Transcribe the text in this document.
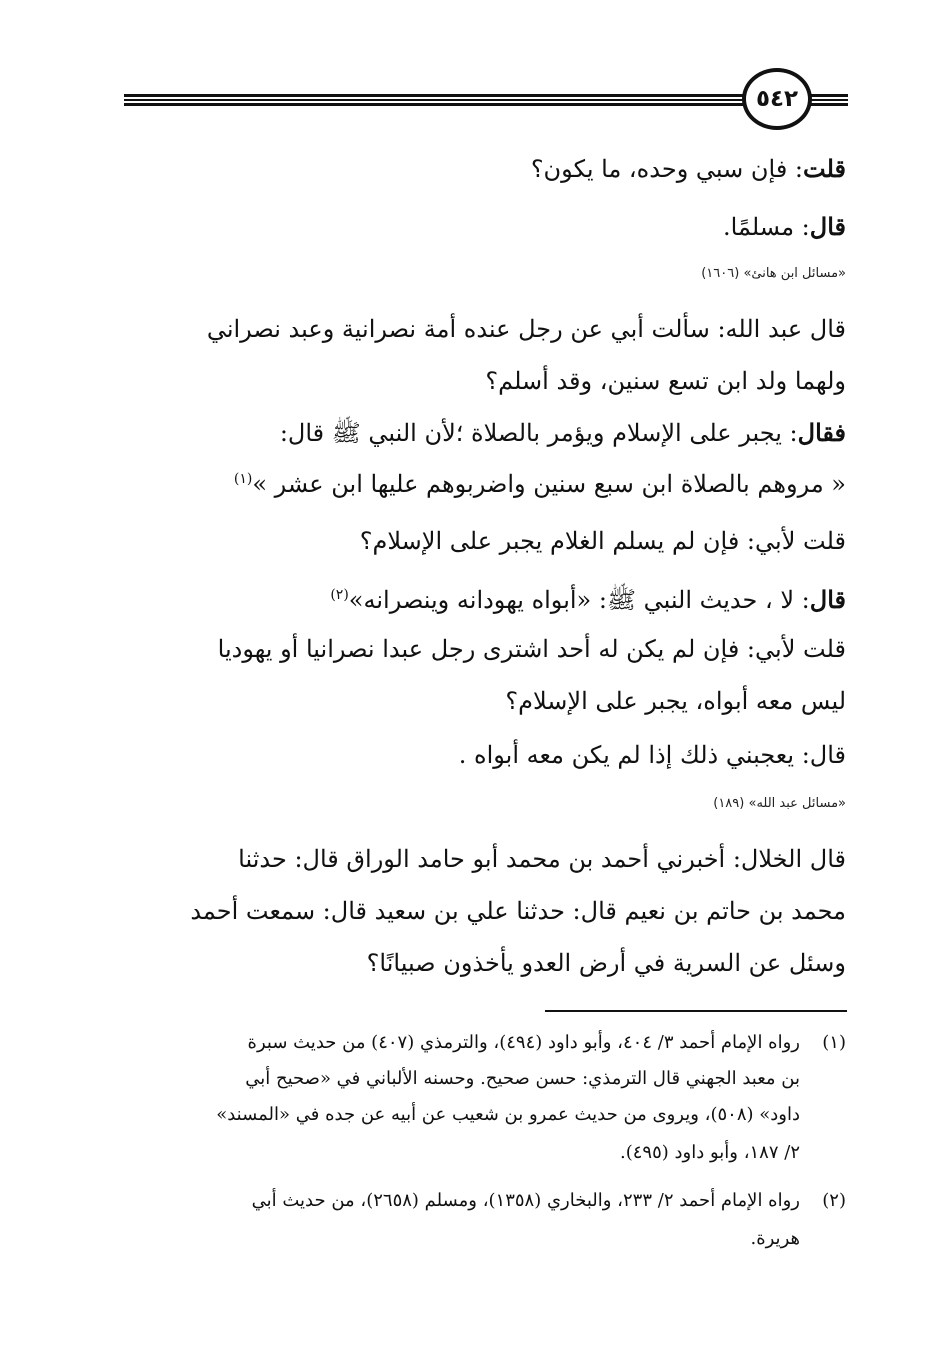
٥٤٢
قلت: فإن سبي وحده، ما يكون؟
قال: مسلمًا.
«مسائل ابن هانئ» (١٦٠٦)
قال عبد الله: سألت أبي عن رجل عنده أمة نصرانية وعبد نصراني
ولهما ولد ابن تسع سنين، وقد أسلم؟
فقال: يجبر على الإسلام ويؤمر بالصلاة ؛لأن النبي ﷺ قال:
« مروهم بالصلاة ابن سبع سنين واضربوهم عليها ابن عشر »$^{(١)}$
قلت لأبي: فإن لم يسلم الغلام يجبر على الإسلام؟
قال: لا ، حديث النبي ﷺ: «أبواه يهودانه وينصرانه»$^{(٢)}$
قلت لأبي: فإن لم يكن له أحد اشترى رجل عبدا نصرانيا أو يهوديا
ليس معه أبواه، يجبر على الإسلام؟
قال: يعجبني ذلك إذا لم يكن معه أبواه .
«مسائل عبد الله» (١٨٩)
قال الخلال: أخبرني أحمد بن محمد أبو حامد الوراق قال: حدثنا
محمد بن حاتم بن نعيم قال: حدثنا علي بن سعيد قال: سمعت أحمد
وسئل عن السرية في أرض العدو يأخذون صبيانًا؟
(١)
رواه الإمام أحمد ٣/ ٤٠٤، وأبو داود (٤٩٤)، والترمذي (٤٠٧) من حديث سبرة
بن معبد الجهني قال الترمذي: حسن صحيح. وحسنه الألباني في «صحيح أبي
داود» (٥٠٨)، ويروى من حديث عمرو بن شعيب عن أبيه عن جده في «المسند»
٢/ ١٨٧، وأبو داود (٤٩٥).
(٢)
رواه الإمام أحمد ٢/ ٢٣٣، والبخاري (١٣٥٨)، ومسلم (٢٦٥٨)، من حديث أبي
هريرة.
